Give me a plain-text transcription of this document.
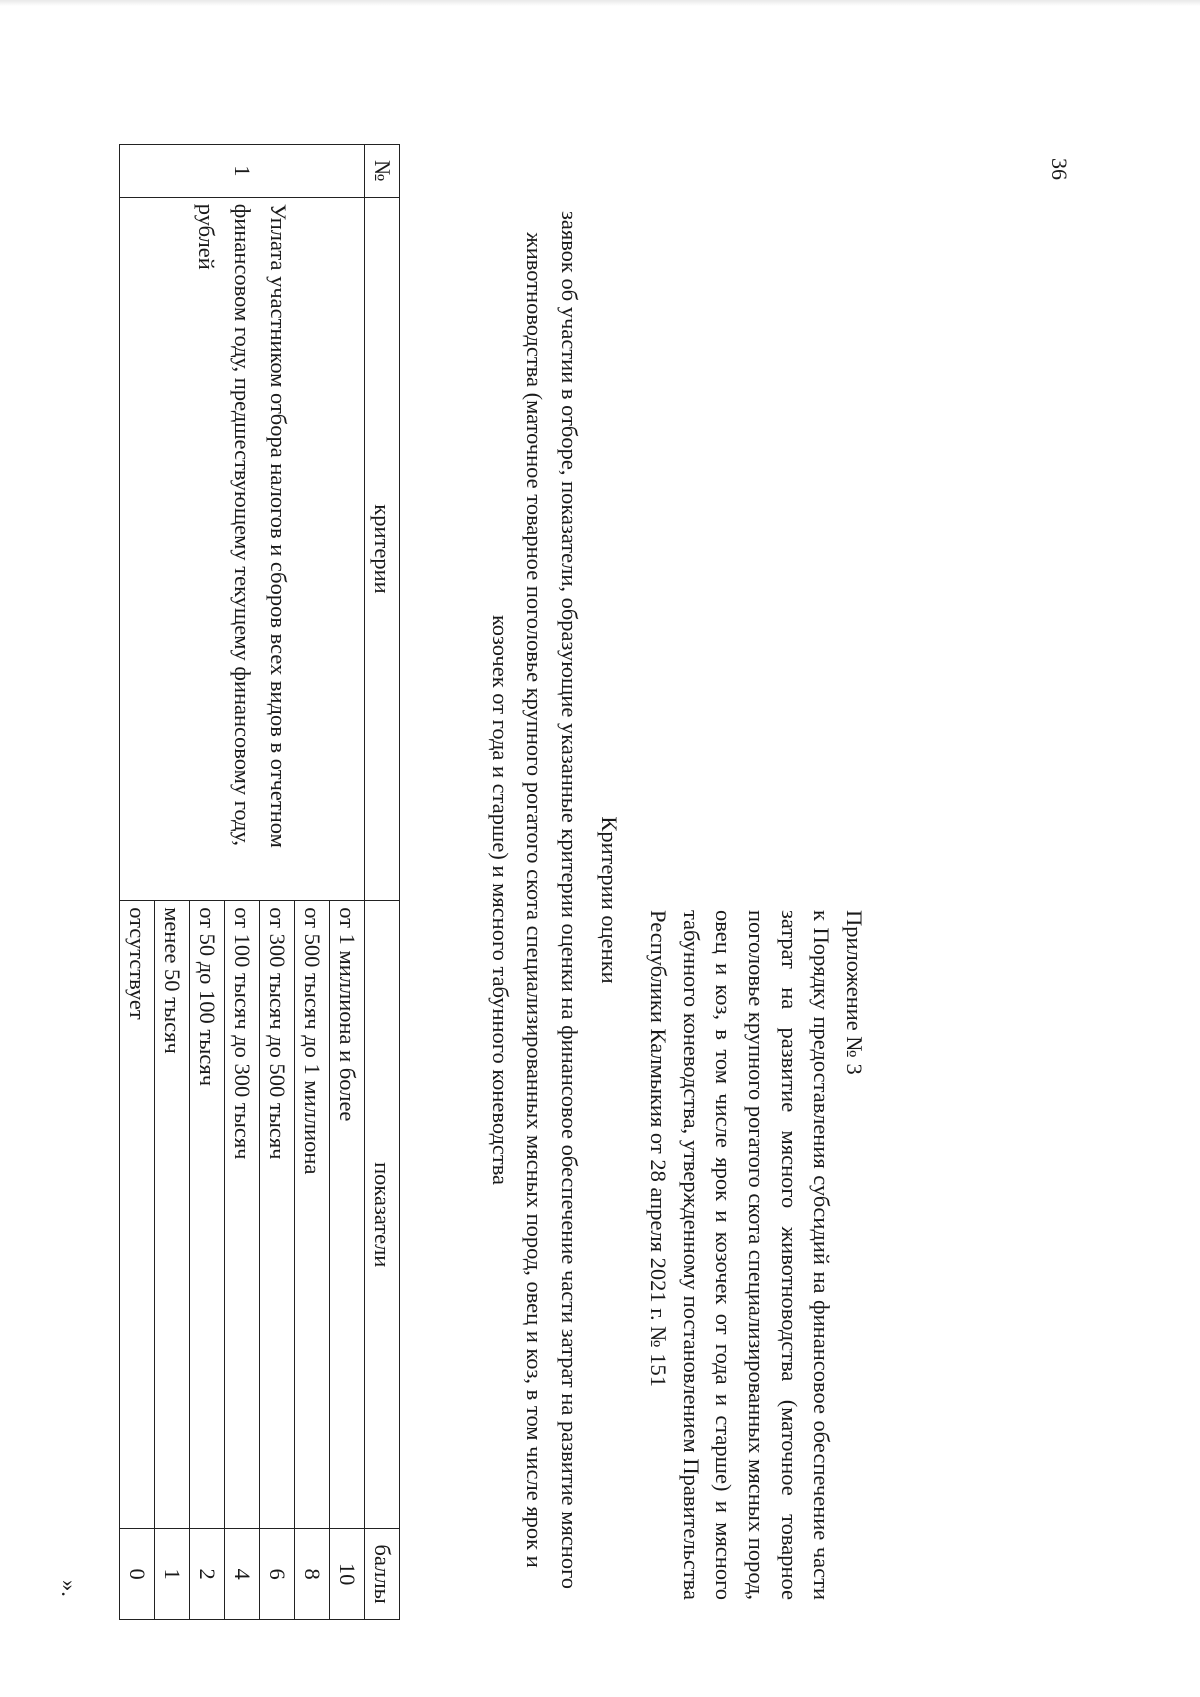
36

Приложение № 3

к Порядку предоставления субсидий на финансовое обеспечение части затрат на развитие мясного животноводства (маточное товарное поголовье крупного рогатого скота специализированных мясных пород, овец и коз, в том числе ярок и козочек от года и старше) и мясного табунного коневодства, утвержденному постановлением Правительства Республики Калмыкия от 28 апреля 2021 г. № 151

Критерии оценки

заявок об участии в отборе, показатели, образующие указанные критерии оценки на финансовое обеспечение части затрат на развитие мясного животноводства (маточное товарное поголовье крупного рогатого скота специализированных мясных пород, овец и коз, в том числе ярок и козочек от года и старше) и мясного табунного коневодства

№	критерии	показатели	баллы
1	Уплата участником отбора налогов и сборов всех видов в отчетном финансовом году, предшествующему текущему финансовому году, рублей	от 1 миллиона и более	10
		от 500 тысяч до 1 миллиона	8
		от 300 тысяч до 500 тысяч	6
		от 100 тысяч до 300 тысяч	4
		от 50 до 100 тысяч	2
		менее 50 тысяч	1
		отсутствует	0
».
